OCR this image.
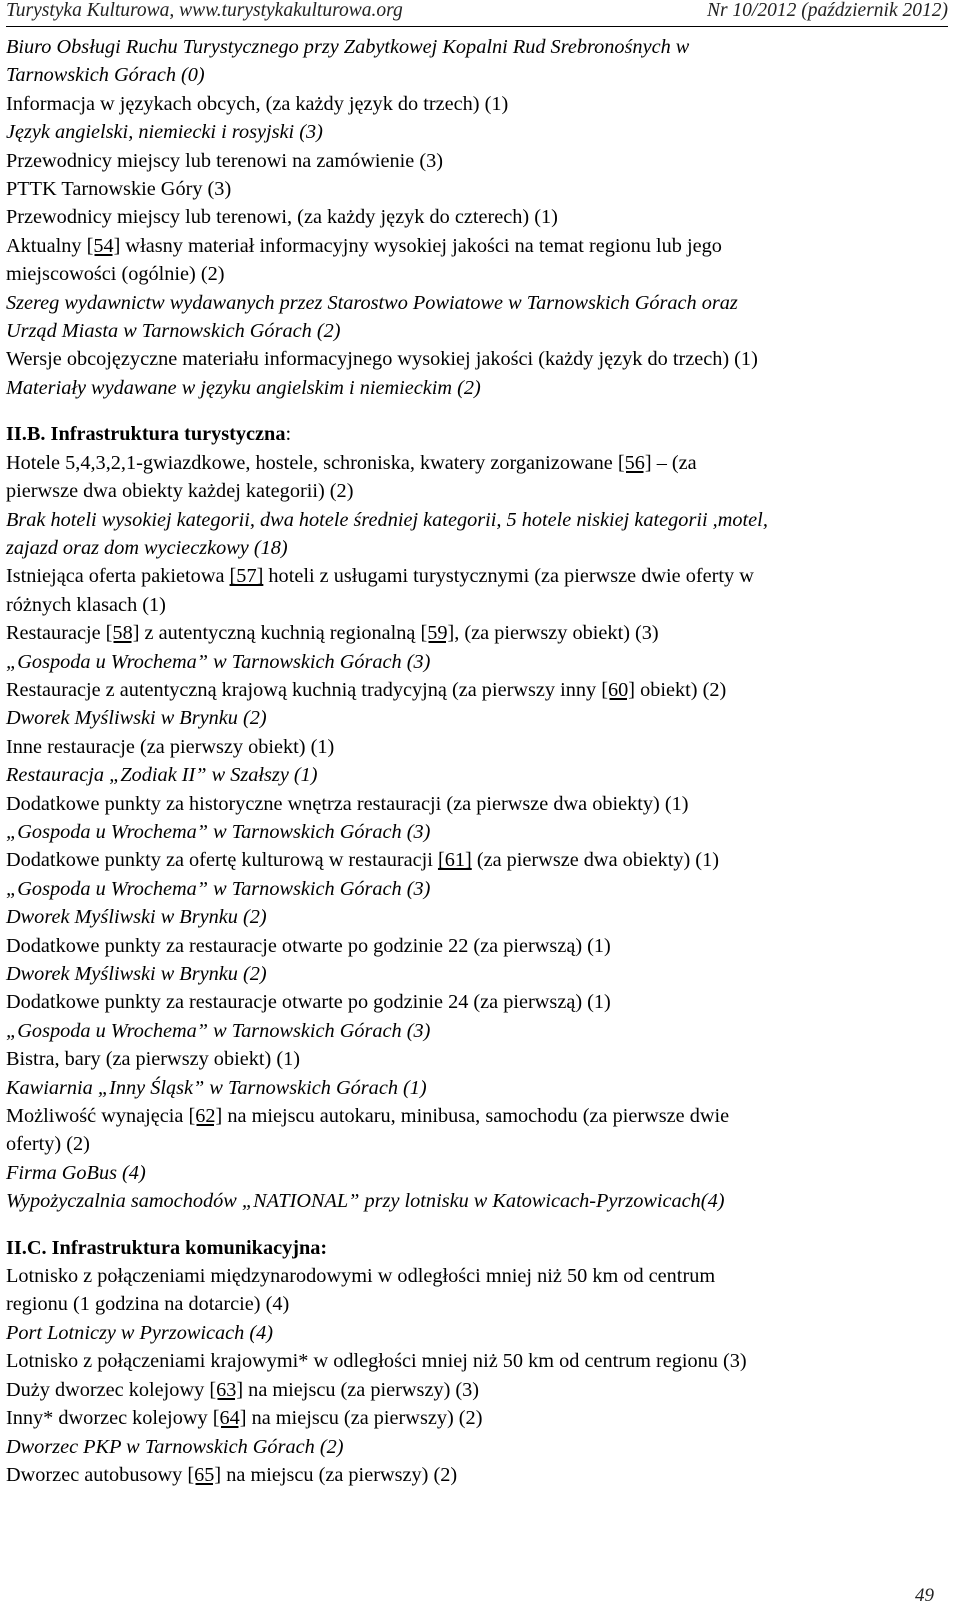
Turystyka Kulturowa, www.turystykakulturowa.org	Nr 10/2012 (październik 2012)
Biuro Obsługi Ruchu Turystycznego przy Zabytkowej Kopalni Rud Srebronośnych w
Tarnowskich Górach (0)
Informacja w językach obcych, (za każdy język do trzech) (1)
Język angielski, niemiecki i rosyjski (3)
Przewodnicy miejscy lub terenowi na zamówienie (3)
PTTK Tarnowskie Góry (3)
Przewodnicy miejscy lub terenowi, (za każdy język do czterech) (1)
Aktualny [54] własny materiał informacyjny wysokiej jakości na temat regionu lub jego
miejscowości (ogólnie) (2)
Szereg wydawnictw wydawanych przez Starostwo Powiatowe w Tarnowskich Górach oraz
Urząd Miasta w Tarnowskich Górach (2)
Wersje obcojęzyczne materiału informacyjnego wysokiej jakości (każdy język do trzech) (1)
Materiały wydawane w języku angielskim i niemieckim (2)
II.B. Infrastruktura turystyczna:
Hotele 5,4,3,2,1-gwiazdkowe, hostele, schroniska, kwatery zorganizowane [56] – (za
pierwsze dwa obiekty każdej kategorii) (2)
Brak hoteli wysokiej kategorii, dwa hotele średniej kategorii, 5 hotele niskiej kategorii ,motel,
zajazd oraz dom wycieczkowy (18)
Istniejąca oferta pakietowa [57] hoteli z usługami turystycznymi (za pierwsze dwie oferty w
różnych klasach (1)
Restauracje [58] z autentyczną kuchnią regionalną [59], (za pierwszy obiekt) (3)
„Gospoda u Wrochema” w Tarnowskich Górach (3)
Restauracje z autentyczną krajową kuchnią tradycyjną (za pierwszy inny [60] obiekt) (2)
Dworek Myśliwski w Brynku (2)
Inne restauracje (za pierwszy obiekt) (1)
Restauracja „Zodiak II” w Szałszy (1)
Dodatkowe punkty za historyczne wnętrza restauracji (za pierwsze dwa obiekty) (1)
„Gospoda u Wrochema” w Tarnowskich Górach (3)
Dodatkowe punkty za ofertę kulturową w restauracji [61] (za pierwsze dwa obiekty) (1)
„Gospoda u Wrochema” w Tarnowskich Górach (3)
Dworek Myśliwski w Brynku (2)
Dodatkowe punkty za restauracje otwarte po godzinie 22 (za pierwszą) (1)
Dworek Myśliwski w Brynku (2)
Dodatkowe punkty za restauracje otwarte po godzinie 24 (za pierwszą) (1)
„Gospoda u Wrochema” w Tarnowskich Górach (3)
Bistra, bary (za pierwszy obiekt) (1)
Kawiarnia „Inny Śląsk” w Tarnowskich Górach (1)
Możliwość wynajęcia [62] na miejscu autokaru, minibusa, samochodu (za pierwsze dwie
oferty) (2)
Firma GoBus (4)
Wypożyczalnia samochodów „NATIONAL” przy lotnisku w Katowicach-Pyrzowicach(4)
II.C. Infrastruktura komunikacyjna:
Lotnisko z połączeniami międzynarodowymi w odległości mniej niż 50 km od centrum
regionu (1 godzina na dotarcie) (4)
Port Lotniczy w Pyrzowicach (4)
Lotnisko z połączeniami krajowymi* w odległości mniej niż 50 km od centrum regionu (3)
Duży dworzec kolejowy [63] na miejscu (za pierwszy) (3)
Inny* dworzec kolejowy [64] na miejscu (za pierwszy) (2)
Dworzec PKP w Tarnowskich Górach (2)
Dworzec autobusowy [65] na miejscu (za pierwszy) (2)
49
